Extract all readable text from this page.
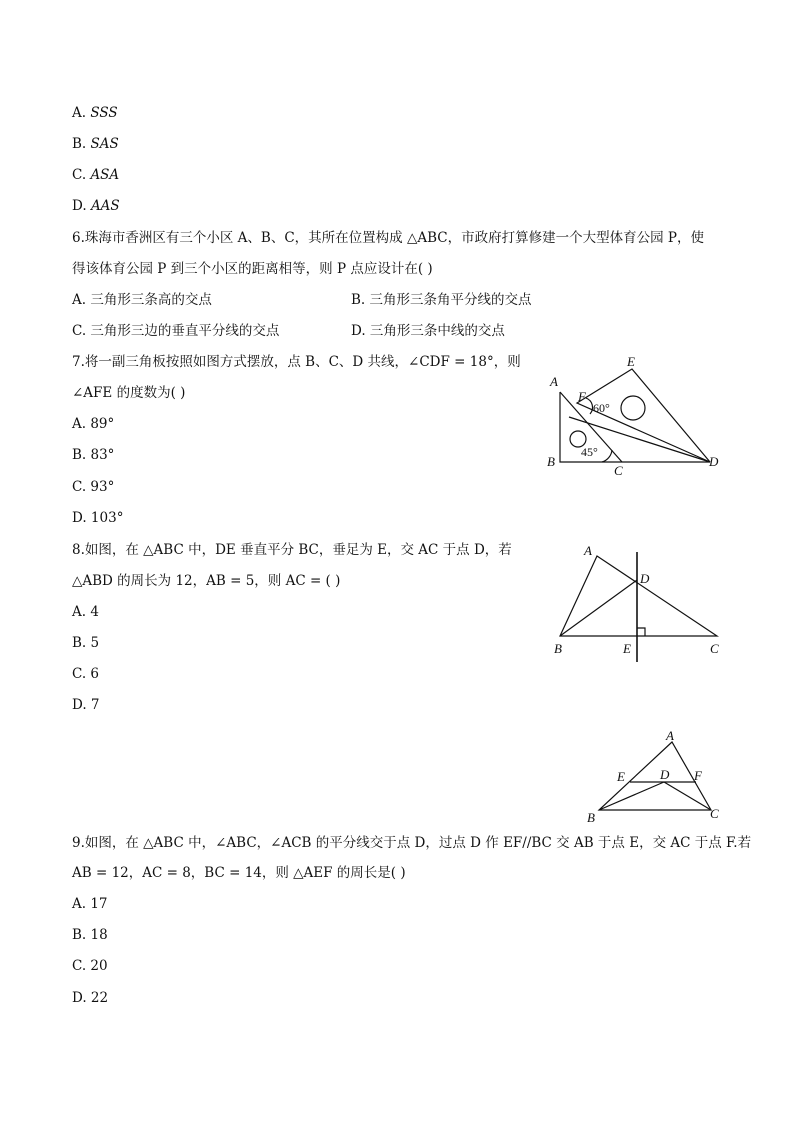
A. SSS
B. SAS
C. ASA
D. AAS
6.珠海市香洲区有三个小区 A、B、C，其所在位置构成 △ABC，市政府打算修建一个大型体育公园 P，使
得该体育公园 P 到三个小区的距离相等，则 P 点应设计在( )
A. 三角形三条高的交点	B. 三角形三条角平分线的交点
C. 三角形三边的垂直平分线的交点	D. 三角形三条中线的交点
7.将一副三角板按照如图方式摆放，点 B、C、D 共线，∠CDF = 18°，则
∠AFE 的度数为( )
A. 89°
B. 83°
C. 93°
D. 103°
A
E
F
60°
45°
B
C
D
8.如图，在 △ABC 中，DE 垂直平分 BC，垂足为 E，交 AC 于点 D，若
△ABD 的周长为 12，AB = 5，则 AC = ( )
A. 4
B. 5
C. 6
D. 7
A
D
B	E	C
A
E	D F
B	C
9.如图，在 △ABC 中，∠ABC，∠ACB 的平分线交于点 D，过点 D 作 EF//BC 交 AB 于点 E，交 AC 于点 F.若
AB = 12，AC = 8，BC = 14，则 △AEF 的周长是( )
A. 17
B. 18
C. 20
D. 22
